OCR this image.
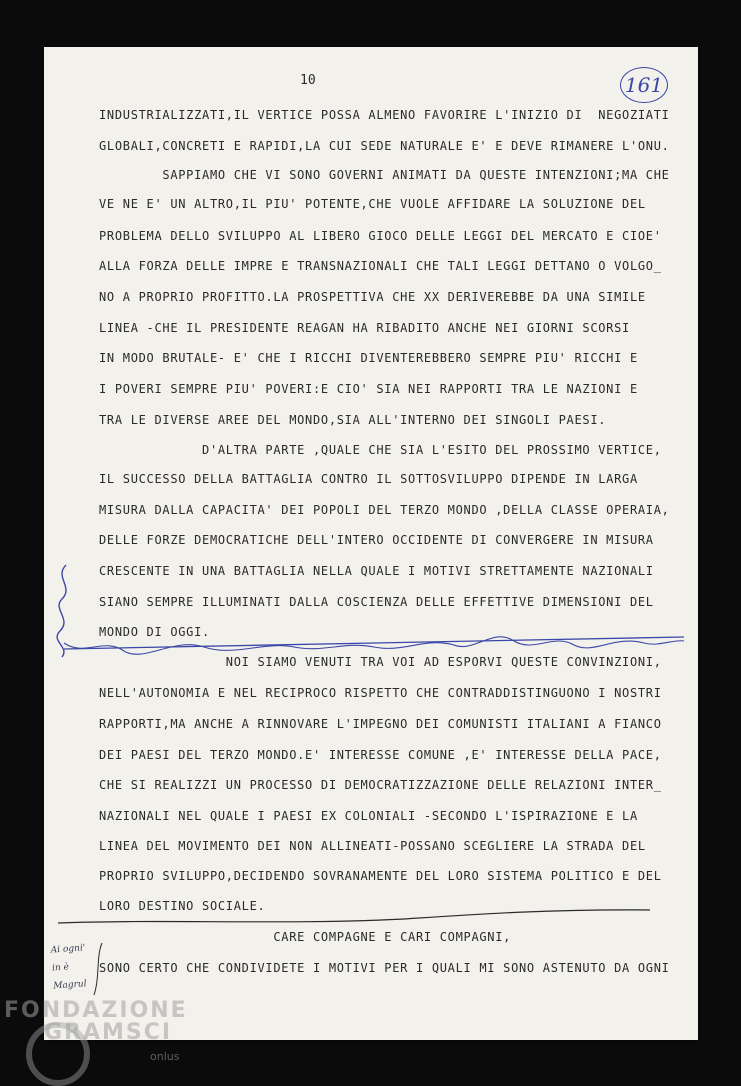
10	161
INDUSTRIALIZZATI,IL VERTICE POSSA ALMENO FAVORIRE L'INIZIO DI  NEGOZIATI
GLOBALI,CONCRETI E RAPIDI,LA CUI SEDE NATURALE E' E DEVE RIMANERE L'ONU.
SAPPIAMO CHE VI SONO GOVERNI ANIMATI DA QUESTE INTENZIONI;MA CHE
VE NE E' UN ALTRO,IL PIU' POTENTE,CHE VUOLE AFFIDARE LA SOLUZIONE DEL
PROBLEMA DELLO SVILUPPO AL LIBERO GIOCO DELLE LEGGI DEL MERCATO E CIOE'
ALLA FORZA DELLE IMPRE E TRANSNAZIONALI CHE TALI LEGGI DETTANO O VOLGO_
NO A PROPRIO PROFITTO.LA PROSPETTIVA CHE XX DERIVEREBBE DA UNA SIMILE
LINEA -CHE IL PRESIDENTE REAGAN HA RIBADITO ANCHE NEI GIORNI SCORSI
IN MODO BRUTALE- E' CHE I RICCHI DIVENTEREBBERO SEMPRE PIU' RICCHI E
I POVERI SEMPRE PIU' POVERI:E CIO' SIA NEI RAPPORTI TRA LE NAZIONI E
TRA LE DIVERSE AREE DEL MONDO,SIA ALL'INTERNO DEI SINGOLI PAESI.
D'ALTRA PARTE ,QUALE CHE SIA L'ESITO DEL PROSSIMO VERTICE,
IL SUCCESSO DELLA BATTAGLIA CONTRO IL SOTTOSVILUPPO DIPENDE IN LARGA
MISURA DALLA CAPACITA' DEI POPOLI DEL TERZO MONDO ,DELLA CLASSE OPERAIA,
DELLE FORZE DEMOCRATICHE DELL'INTERO OCCIDENTE DI CONVERGERE IN MISURA
CRESCENTE IN UNA BATTAGLIA NELLA QUALE I MOTIVI STRETTAMENTE NAZIONALI
SIANO SEMPRE ILLUMINATI DALLA COSCIENZA DELLE EFFETTIVE DIMENSIONI DEL
MONDO DI OGGI.
NOI SIAMO VENUTI TRA VOI AD ESPORVI QUESTE CONVINZIONI,
NELL'AUTONOMIA E NEL RECIPROCO RISPETTO CHE CONTRADDISTINGUONO I NOSTRI
RAPPORTI,MA ANCHE A RINNOVARE L'IMPEGNO DEI COMUNISTI ITALIANI A FIANCO
DEI PAESI DEL TERZO MONDO.E' INTERESSE COMUNE ,E' INTERESSE DELLA PACE,
CHE SI REALIZZI UN PROCESSO DI DEMOCRATIZZAZIONE DELLE RELAZIONI INTER_
NAZIONALI NEL QUALE I PAESI EX COLONIALI -SECONDO L'ISPIRAZIONE E LA
LINEA DEL MOVIMENTO DEI NON ALLINEATI-POSSANO SCEGLIERE LA STRADA DEL
PROPRIO SVILUPPO,DECIDENDO SOVRANAMENTE DEL LORO SISTEMA POLITICO E DEL
LORO DESTINO SOCIALE.
CARE COMPAGNE E CARI COMPAGNI,
SONO CERTO CHE CONDIVIDETE I MOTIVI PER I QUALI MI SONO ASTENUTO DA OGNI
Ai ogni'
in è
Magrul
FONDAZIONE
GRAMSCI
onlus
